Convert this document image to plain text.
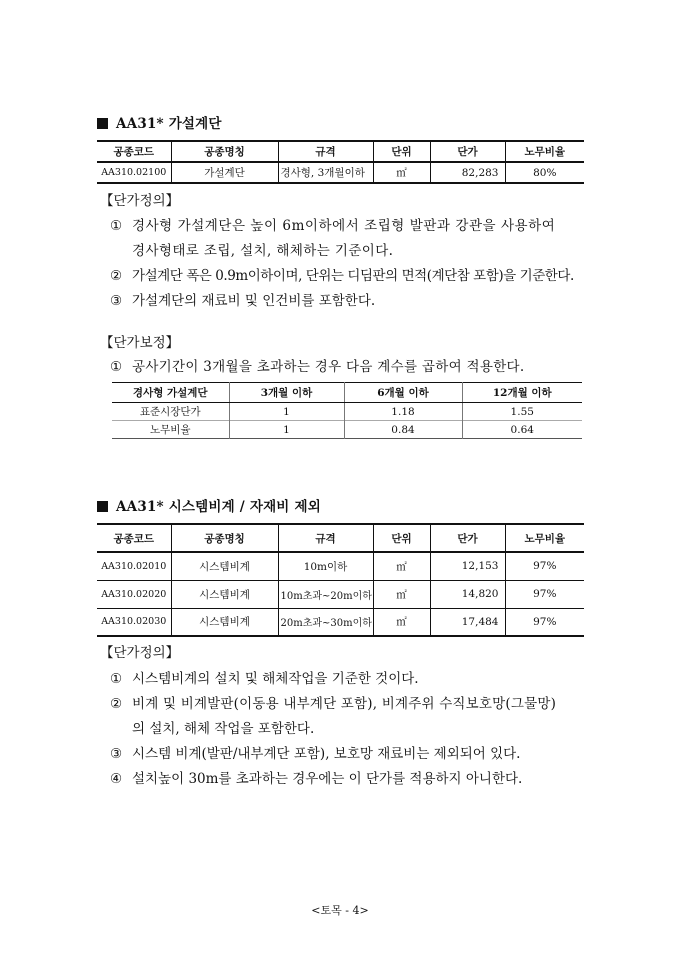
AA31* 가설계단
공종코드	공종명칭	규격	단위	단가	노무비율
AA310.02100	가설계단	경사형, 3개월이하	㎡	82,283	80%
【단가정의】
① 경사형 가설계단은 높이 6m이하에서 조립형 발판과 강관을 사용하여
경사형태로 조립, 설치, 해체하는 기준이다.
② 가설계단 폭은 0.9m이하이며, 단위는 디딤판의 면적(계단참 포함)을 기준한다.
③ 가설계단의 재료비 및 인건비를 포함한다.
【단가보정】
① 공사기간이 3개월을 초과하는 경우 다음 계수를 곱하여 적용한다.
경사형 가설계단	3개월 이하	6개월 이하	12개월 이하
표준시장단가	1	1.18	1.55
노무비율	1	0.84	0.64
AA31* 시스템비계 / 자재비 제외
공종코드	공종명칭	규격	단위	단가	노무비율
AA310.02010	시스템비계	10m이하	㎡	12,153	97%
AA310.02020	시스템비계	10m초과~20m이하	㎡	14,820	97%
AA310.02030	시스템비계	20m초과~30m이하	㎡	17,484	97%
【단가정의】
① 시스템비계의 설치 및 해체작업을 기준한 것이다.
② 비계 및 비계발판(이동용 내부계단 포함), 비계주위 수직보호망(그물망)
의 설치, 해체 작업을 포함한다.
③ 시스템 비계(발판/내부계단 포함), 보호망 재료비는 제외되어 있다.
④ 설치높이 30m를 초과하는 경우에는 이 단가를 적용하지 아니한다.
<토목 - 4>
